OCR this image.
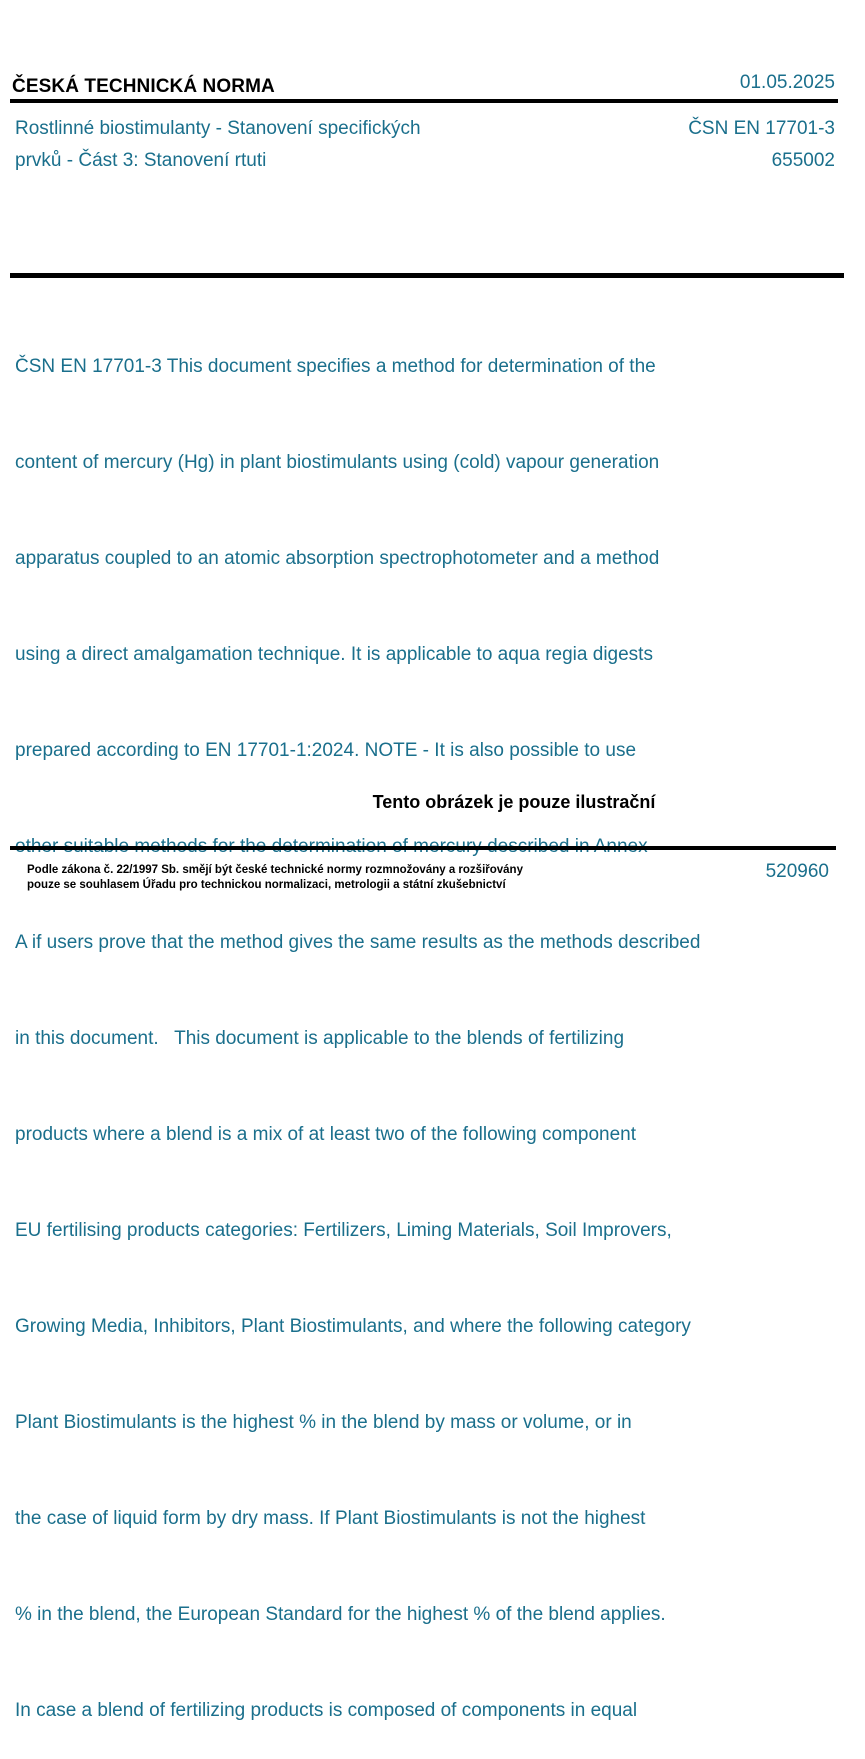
ČESKÁ TECHNICKÁ NORMA	01.05.2025
Rostlinné biostimulanty - Stanovení specifických
prvků - Část 3: Stanovení rtuti
ČSN EN 17701-3
655002

ČSN EN 17701-3 This document specifies a method for determination of the

content of mercury (Hg) in plant biostimulants using (cold) vapour generation

apparatus coupled to an atomic absorption spectrophotometer and a method

using a direct amalgamation technique. It is applicable to aqua regia digests

prepared according to EN 17701-1:2024. NOTE - It is also possible to use

A if users prove that the method gives the same results as the methods described

in this document.   This document is applicable to the blends of fertilizing

products where a blend is a mix of at least two of the following component

EU fertilising products categories: Fertilizers, Liming Materials, Soil Improvers,

Growing Media, Inhibitors, Plant Biostimulants, and where the following category

Plant Biostimulants is the highest % in the blend by mass or volume, or in

the case of liquid form by dry mass. If Plant Biostimulants is not the highest

% in the blend, the European Standard for the highest % of the blend applies.

In case a blend of fertilizing products is composed of components in equal

Tento obrázek je pouze ilustrační
Podle zákona č. 22/1997 Sb. smějí být české technické normy rozmnožovány a rozšiřovány
pouze se souhlasem Úřadu pro technickou normalizaci, metrologii a státní zkušebnictví
520960
